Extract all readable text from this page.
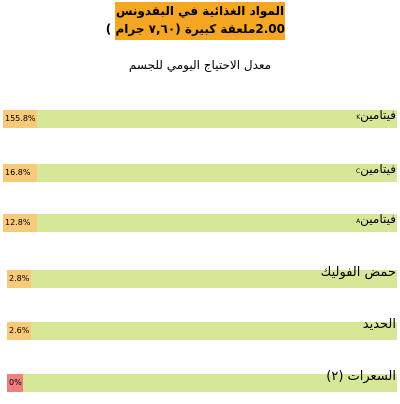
المواد الغذائية في البقدونس
2.00ملعقة كبيرة (٧,٦٠ جرام )
معدل الاحتياج اليومي للجسم
155.8%	فيتامينK
16.8%	فيتامينC
12.8%	فيتامينA
2.8%	حمض الفوليك
2.6%	الحديد
0%	السعرات (٢)
